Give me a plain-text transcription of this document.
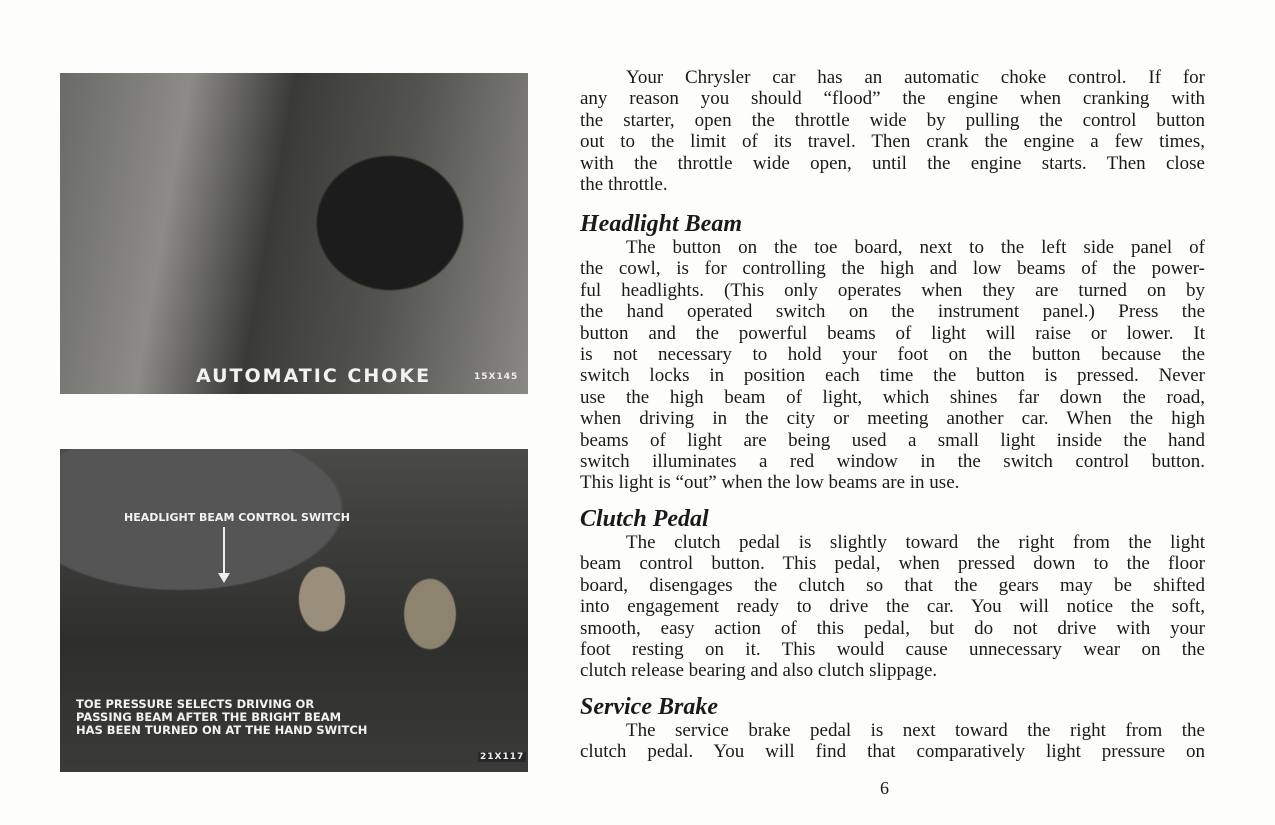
AUTOMATIC CHOKE	15X145
HEADLIGHT BEAM CONTROL SWITCH
TOE PRESSURE SELECTS DRIVING OR
PASSING BEAM AFTER THE BRIGHT BEAM
HAS BEEN TURNED ON AT THE HAND SWITCH
21X117
Your Chrysler car has an automatic choke control. If for
any reason you should “flood” the engine when cranking with
the starter, open the throttle wide by pulling the control button
out to the limit of its travel. Then crank the engine a few times,
with the throttle wide open, until the engine starts. Then close
the throttle.
Headlight Beam
The button on the toe board, next to the left side panel of
the cowl, is for controlling the high and low beams of the power-
ful headlights. (This only operates when they are turned on by
the hand operated switch on the instrument panel.) Press the
button and the powerful beams of light will raise or lower. It
is not necessary to hold your foot on the button because the
switch locks in position each time the button is pressed. Never
use the high beam of light, which shines far down the road,
when driving in the city or meeting another car. When the high
beams of light are being used a small light inside the hand
switch illuminates a red window in the switch control button.
This light is “out” when the low beams are in use.
Clutch Pedal
The clutch pedal is slightly toward the right from the light
beam control button. This pedal, when pressed down to the floor
board, disengages the clutch so that the gears may be shifted
into engagement ready to drive the car. You will notice the soft,
smooth, easy action of this pedal, but do not drive with your
foot resting on it. This would cause unnecessary wear on the
clutch release bearing and also clutch slippage.
Service Brake
The service brake pedal is next toward the right from the
clutch pedal. You will find that comparatively light pressure on
6
